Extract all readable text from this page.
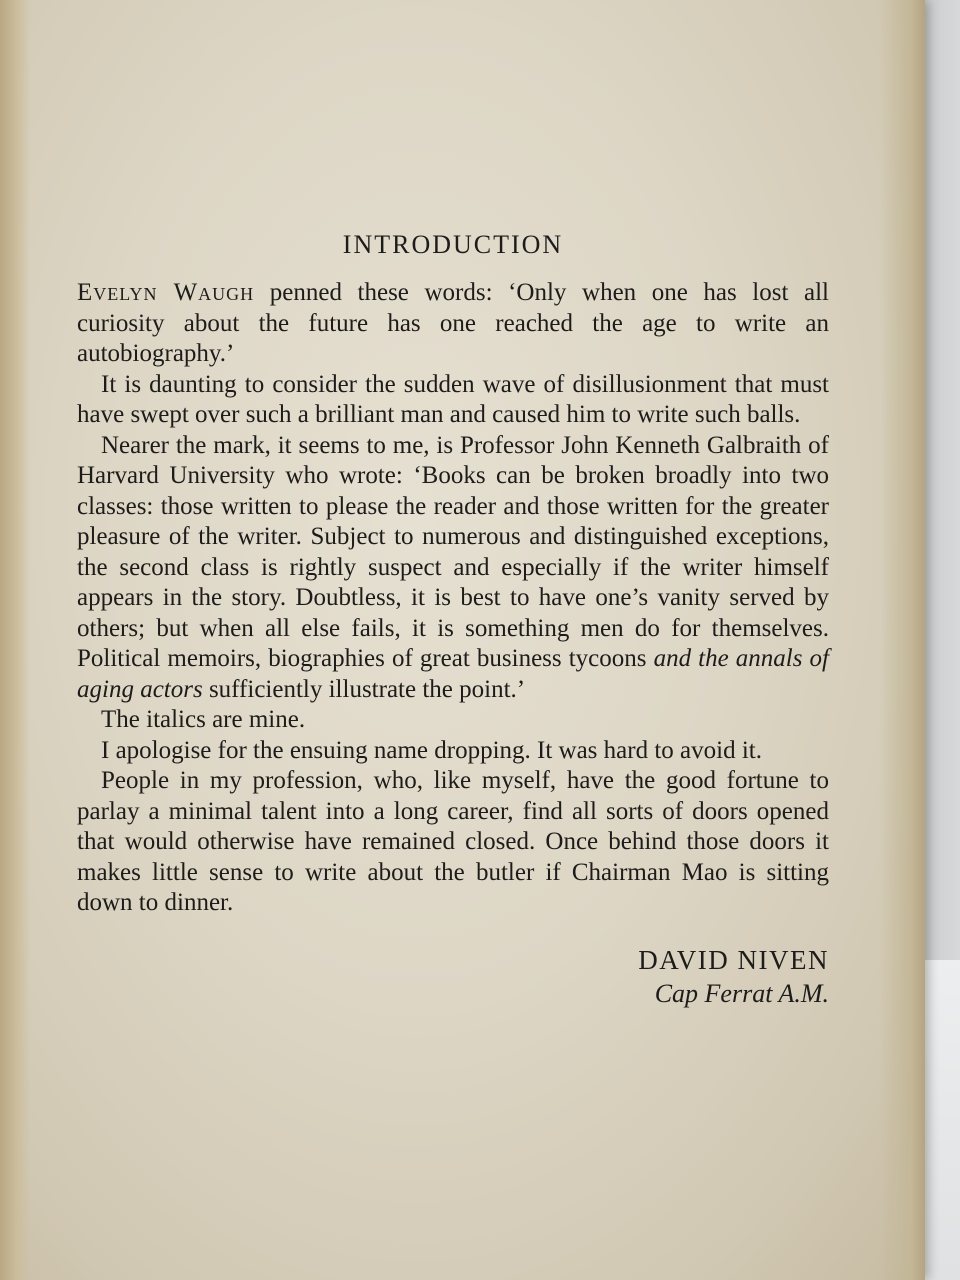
INTRODUCTION

Evelyn Waugh penned these words: ‘Only when one has lost all curiosity about the future has one reached the age to write an autobiography.’

It is daunting to consider the sudden wave of disillusionment that must have swept over such a brilliant man and caused him to write such balls.

Nearer the mark, it seems to me, is Professor John Kenneth Galbraith of Harvard University who wrote: ‘Books can be broken broadly into two classes: those written to please the reader and those written for the greater pleasure of the writer. Subject to numerous and distinguished exceptions, the second class is rightly suspect and especially if the writer himself appears in the story. Doubtless, it is best to have one’s vanity served by others; but when all else fails, it is something men do for themselves. Political memoirs, biographies of great business tycoons and the annals of aging actors sufficiently illustrate the point.’

The italics are mine.

I apologise for the ensuing name dropping. It was hard to avoid it.

People in my profession, who, like myself, have the good fortune to parlay a minimal talent into a long career, find all sorts of doors opened that would otherwise have remained closed. Once behind those doors it makes little sense to write about the butler if Chairman Mao is sitting down to dinner.

DAVID NIVEN
Cap Ferrat A.M.
